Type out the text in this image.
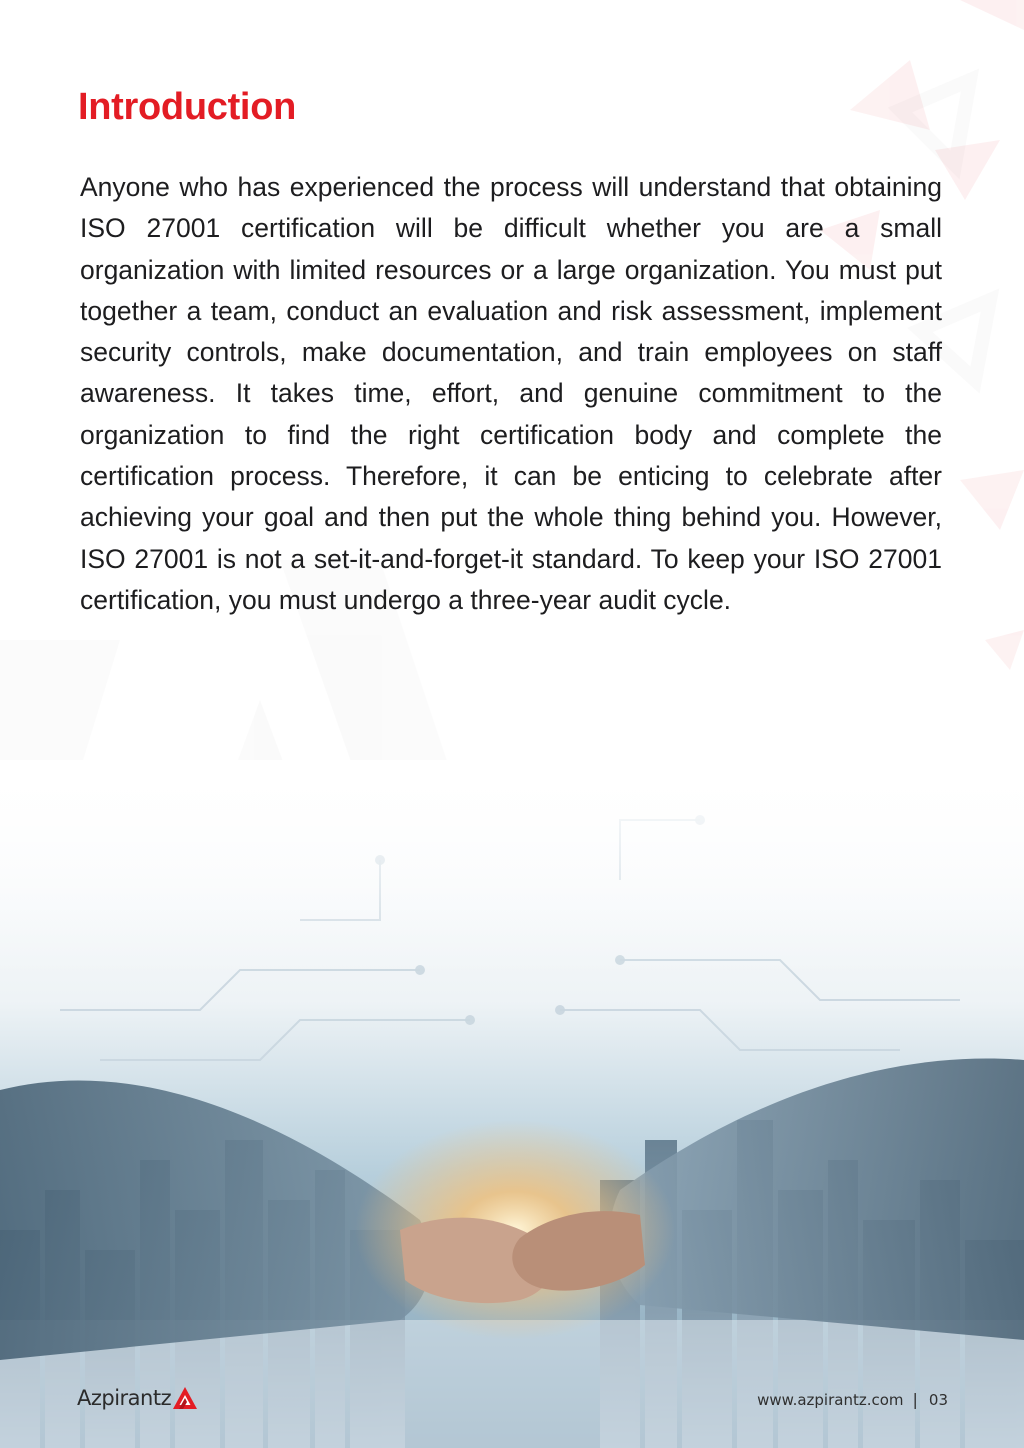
Introduction

Anyone who has experienced the process will understand that obtaining ISO 27001 certification will be difficult whether you are a small organization with limited resources or a large organization. You must put together a team, conduct an evaluation and risk assessment, implement security controls, make documentation, and train employees on staff awareness. It takes time, effort, and genuine commitment to the organization to find the right certification body and complete the certification process. Therefore, it can be enticing to celebrate after achieving your goal and then put the whole thing behind you. However, ISO 27001 is not a set-it-and-forget-it standard. To keep your ISO 27001 certification, you must undergo a three-year audit cycle.

Azpirantz	www.azpirantz.com | 03
